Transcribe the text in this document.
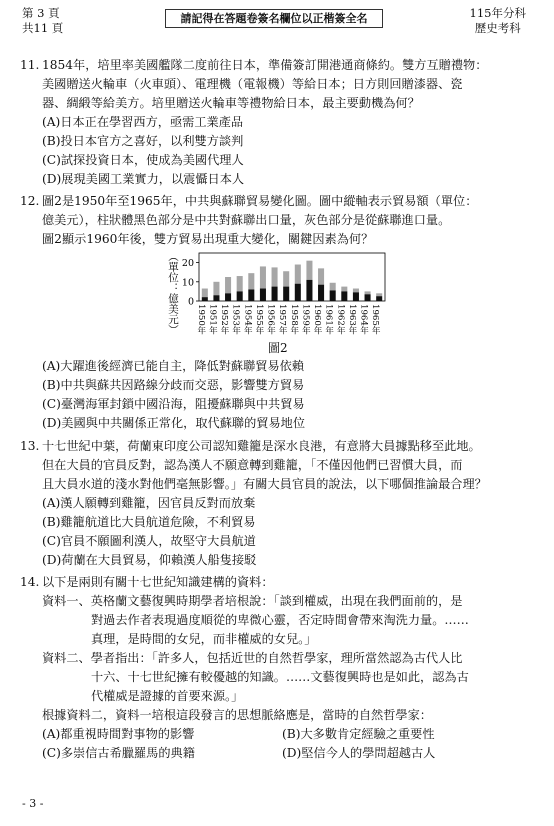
第 3 頁
共11 頁
請記得在答題卷簽名欄位以正楷簽全名	115年分科
歷史考科
11. 1854年，培里率美國艦隊二度前往日本，準備簽訂開港通商條約。雙方互贈禮物：
美國贈送火輪車（火車頭）、電理機（電報機）等給日本；日方則回贈漆器、瓷
器、綢緞等給美方。培里贈送火輪車等禮物給日本，最主要動機為何？
(A)日本正在學習西方，亟需工業產品
(B)投日本官方之喜好，以利雙方談判
(C)試探投資日本，使成為美國代理人
(D)展現美國工業實力，以震懾日本人
12. 圖2是1950年至1965年，中共與蘇聯貿易變化圖。圖中縱軸表示貿易額（單位：
億美元），柱狀體黑色部分是中共對蘇聯出口量，灰色部分是從蘇聯進口量。
圖2顯示1960年後，雙方貿易出現重大變化，關鍵因素為何？
（單位：億美元） 0
10
20
1950年 1951年 1952年 1953年 1954年 1955年 1956年 1957年 1958年 1959年 1960年 1961年 1962年 1963年 1964年 1965年
圖2
(A)大躍進後經濟已能自主，降低對蘇聯貿易依賴
(B)中共與蘇共因路線分歧而交惡，影響雙方貿易
(C)臺灣海軍封鎖中國沿海，阻擾蘇聯與中共貿易
(D)美國與中共關係正常化，取代蘇聯的貿易地位
13. 十七世紀中葉，荷蘭東印度公司認知雞籠是深水良港，有意將大員據點移至此地。
但在大員的官員反對，認為漢人不願意轉到雞籠，「不僅因他們已習慣大員，而
且大員水道的淺水對他們毫無影響。」有關大員官員的說法，以下哪個推論最合理？
(A)漢人願轉到雞籠，因官員反對而放棄
(B)雞籠航道比大員航道危險，不利貿易
(C)官員不願圖利漢人，故堅守大員航道
(D)荷蘭在大員貿易，仰賴漢人船隻接駁
14. 以下是兩則有關十七世紀知識建構的資料：
資料一、英格蘭文藝復興時期學者培根說：「談到權威，出現在我們面前的，是
對過去作者表現過度順從的卑微心靈，否定時間會帶來淘洗力量。……
真理，是時間的女兒，而非權威的女兒。」
資料二、學者指出：「許多人，包括近世的自然哲學家，理所當然認為古代人比
十六、十七世紀擁有較優越的知識。……文藝復興時也是如此，認為古
代權威是證據的首要來源。」
根據資料二，資料一培根這段發言的思想脈絡應是，當時的自然哲學家：
(A)都重視時間對事物的影響	(B)大多數肯定經驗之重要性
(C)多崇信古希臘羅馬的典籍	(D)堅信今人的學問超越古人
- 3 -
